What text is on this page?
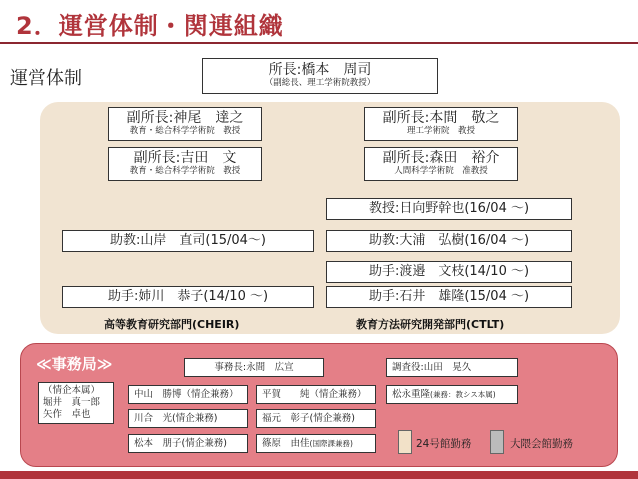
2．運営体制・関連組織
運営体制	所長:橋本　周司
（副総長、理工学術院教授）
副所長:神尾　達之
教育・総合科学学術院　教授
副所長:本間　敬之
理工学術院　教授
副所長:吉田　文
教育・総合科学学術院　教授
副所長:森田　裕介
人間科学学術院　准教授
教授:日向野幹也(16/04 〜)
助教:山岸　直司(15/04〜)	助教:大浦　弘樹(16/04 〜)
助手:渡邉　文枝(14/10 〜)
助手:姉川　恭子(14/10 〜)	助手:石井　雄隆(15/04 〜)
高等教育研究部門(CHEIR)	教育方法研究開発部門(CTLT)
≪事務局≫	事務長:永間　広宣	調査役:山田　晃久
（情企本属）
堀井　真一郎
矢作　卓也
中山　勝博（情企兼務）	平賀　　純（情企兼務）	松永重隆(兼務：教シス本属)
川合　光(情企兼務)	福元　彰子(情企兼務)
松本　朋子(情企兼務)	篠原　由佳(国際課兼務)	24号館勤務	大隈会館勤務
